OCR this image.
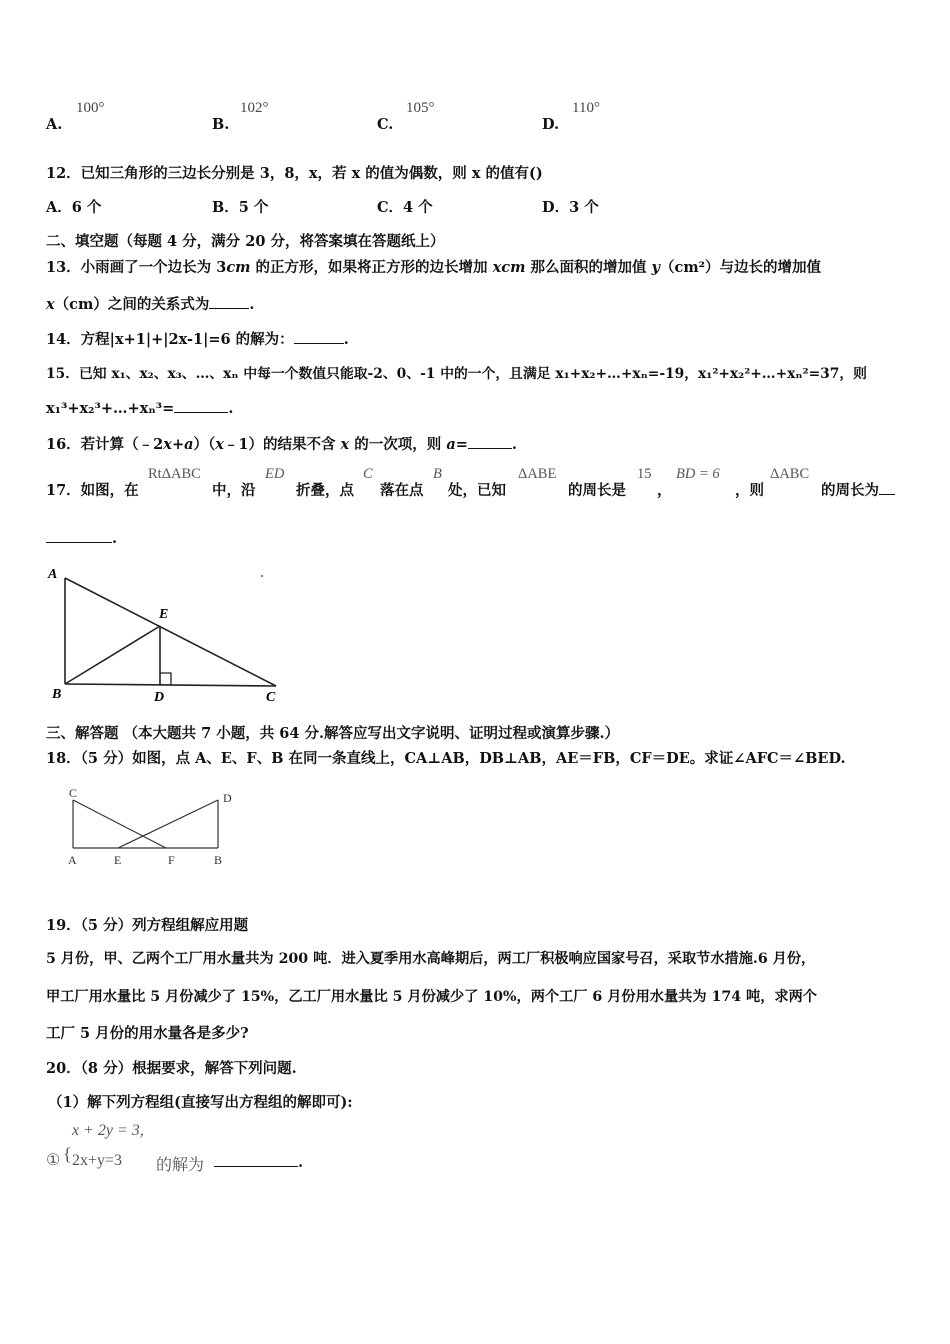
A.
100°
B.
102°
C.
105°
D.
110°
12．已知三角形的三边长分别是 3，8，x，若 x 的值为偶数，则 x 的值有()
A．6 个	B．5 个	C．4 个	D．3 个
二、填空题（每题 4 分，满分 20 分，将答案填在答题纸上）
13．小雨画了一个边长为 3cm 的正方形，如果将正方形的边长增加 xcm 那么面积的增加值 y（cm²）与边长的增加值
x（cm）之间的关系式为	.
14．方程|x+1|+|2x-1|=6 的解为：	.
15．已知 x₁、x₂、x₃、…、xₙ 中每一个数值只能取-2、0、-1 中的一个，且满足 x₁+x₂+…+xₙ=-19，x₁²+x₂²+…+xₙ²=37，则
x₁³+x₂³+…+xₙ³=	.
16．若计算（﹣2x+a）（x﹣1）的结果不含 x 的一次项，则 a=	.
17．如图，在
RtΔABC
中，沿
ED
折叠，点
C
落在点
B
处，已知
ΔABE
的周长是
15
，
BD = 6
，则
ΔABC
的周长为
.
A
E
B	D	C
三、解答题 （本大题共 7 小题，共 64 分.解答应写出文字说明、证明过程或演算步骤.）
18．（5 分）如图，点 A、E、F、B 在同一条直线上，CA⊥AB，DB⊥AB，AE＝FB，CF＝DE。求证∠AFC＝∠BED.
C	D
A	E	F	B
19．（5 分）列方程组解应用题
5 月份，甲、乙两个工厂用水量共为 200 吨．进入夏季用水高峰期后，两工厂积极响应国家号召，采取节水措施.6 月份，
甲工厂用水量比 5 月份减少了 15%，乙工厂用水量比 5 月份减少了 10%，两个工厂 6 月份用水量共为 174 吨，求两个
工厂 5 月份的用水量各是多少?
20．（8 分）根据要求，解答下列问题.
（1）解下列方程组(直接写出方程组的解即可):
① {
x + 2y = 3,
2x+y=3 的解为	.
